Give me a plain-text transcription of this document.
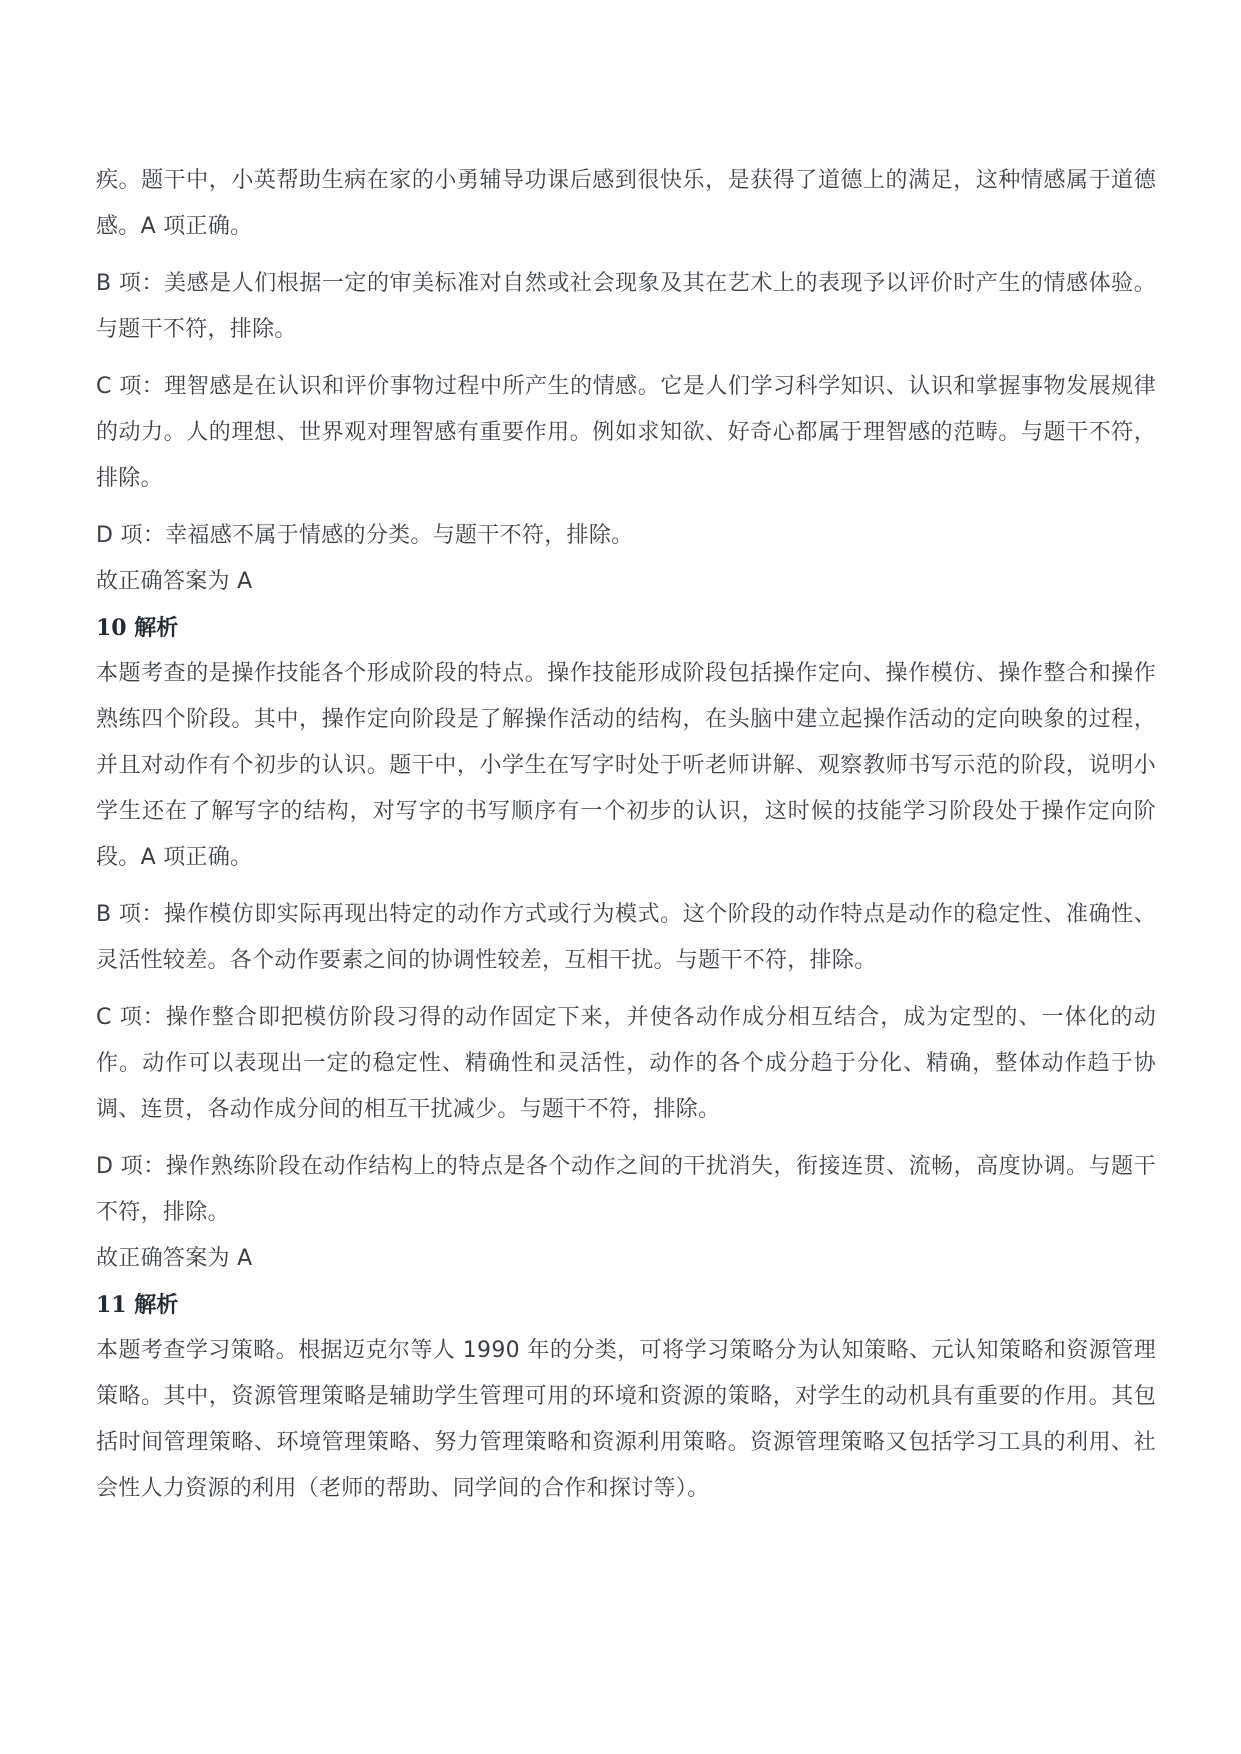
疾。题干中，小英帮助生病在家的小勇辅导功课后感到很快乐，是获得了道德上的满足，这种情感属于道德感。A 项正确。

B 项：美感是人们根据一定的审美标准对自然或社会现象及其在艺术上的表现予以评价时产生的情感体验。与题干不符，排除。

C 项：理智感是在认识和评价事物过程中所产生的情感。它是人们学习科学知识、认识和掌握事物发展规律的动力。人的理想、世界观对理智感有重要作用。例如求知欲、好奇心都属于理智感的范畴。与题干不符，排除。

D 项：幸福感不属于情感的分类。与题干不符，排除。

故正确答案为 A

10 解析

本题考查的是操作技能各个形成阶段的特点。操作技能形成阶段包括操作定向、操作模仿、操作整合和操作熟练四个阶段。其中，操作定向阶段是了解操作活动的结构，在头脑中建立起操作活动的定向映象的过程，并且对动作有个初步的认识。题干中，小学生在写字时处于听老师讲解、观察教师书写示范的阶段，说明小学生还在了解写字的结构，对写字的书写顺序有一个初步的认识，这时候的技能学习阶段处于操作定向阶段。A 项正确。

B 项：操作模仿即实际再现出特定的动作方式或行为模式。这个阶段的动作特点是动作的稳定性、准确性、灵活性较差。各个动作要素之间的协调性较差，互相干扰。与题干不符，排除。

C 项：操作整合即把模仿阶段习得的动作固定下来，并使各动作成分相互结合，成为定型的、一体化的动作。动作可以表现出一定的稳定性、精确性和灵活性，动作的各个成分趋于分化、精确，整体动作趋于协调、连贯，各动作成分间的相互干扰减少。与题干不符，排除。

D 项：操作熟练阶段在动作结构上的特点是各个动作之间的干扰消失，衔接连贯、流畅，高度协调。与题干不符，排除。

故正确答案为 A

11 解析

本题考查学习策略。根据迈克尔等人 1990 年的分类，可将学习策略分为认知策略、元认知策略和资源管理策略。其中，资源管理策略是辅助学生管理可用的环境和资源的策略，对学生的动机具有重要的作用。其包括时间管理策略、环境管理策略、努力管理策略和资源利用策略。资源管理策略又包括学习工具的利用、社会性人力资源的利用（老师的帮助、同学间的合作和探讨等）。
